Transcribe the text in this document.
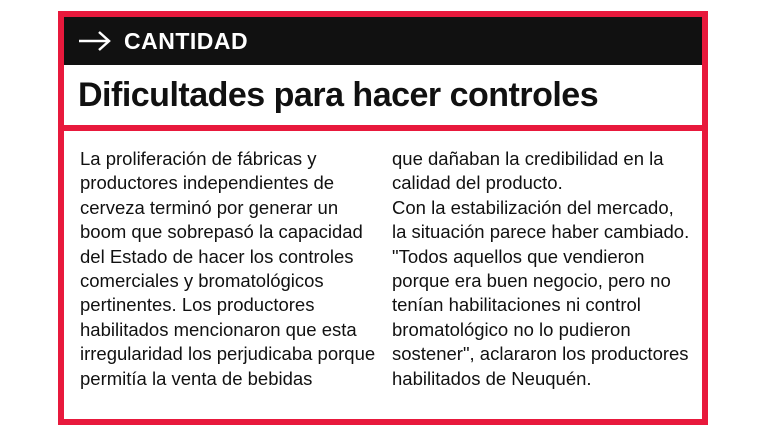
CANTIDAD
Dificultades para hacer controles

La proliferación de fábricas y productores independientes de cerveza terminó por generar un boom que sobrepasó la capacidad del Estado de hacer los controles comerciales y bromatológicos pertinentes. Los productores habilitados mencionaron que esta irregularidad los perjudicaba porque permitía la venta de bebidas

que dañaban la credibilidad en la calidad del producto.

Con la estabilización del mercado, la situación parece haber cambiado.

"Todos aquellos que vendieron porque era buen negocio, pero no tenían habilitaciones ni control bromatológico no lo pudieron sostener", aclararon los productores habilitados de Neuquén.
